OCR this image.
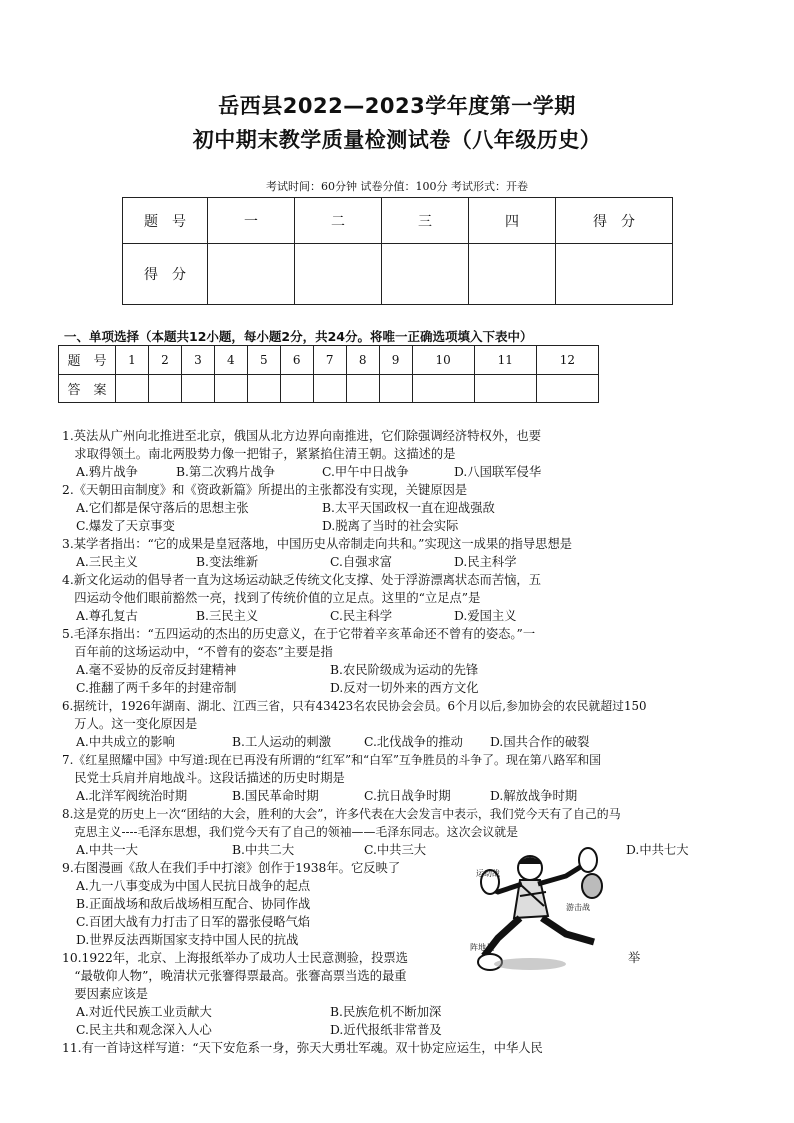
岳西县2022—2023学年度第一学期
初中期末教学质量检测试卷（八年级历史）
考试时间：60分钟 试卷分值：100分 考试形式：开卷
题　号	一	二	三	四	得　分
得　分					
一、单项选择（本题共12小题，每小题2分，共24分。将唯一正确选项填入下表中）
题　号	1	2	3	4	5	6	7	8	9	10	11	12
答　案												
1.英法从广州向北推进至北京，俄国从北方边界向南推进，它们除强调经济特权外，也要
　求取得领土。南北两股势力像一把钳子，紧紧掐住清王朝。这描述的是
A.鸦片战争	B.第二次鸦片战争	C.甲午中日战争	D.八国联军侵华
2.《天朝田亩制度》和《资政新篇》所提出的主张都没有实现，关键原因是
A.它们都是保守落后的思想主张	B.太平天国政权一直在迎战强敌
C.爆发了天京事变	D.脱离了当时的社会实际
3.某学者指出：“它的成果是皇冠落地，中国历史从帝制走向共和。”实现这一成果的指导思想是
A.三民主义	B.变法维新	C.自强求富	D.民主科学
4.新文化运动的倡导者一直为这场运动缺乏传统文化支撑、处于浮游漂离状态而苦恼，五
　四运动令他们眼前豁然一亮，找到了传统价值的立足点。这里的“立足点”是
A.尊孔复古	B.三民主义	C.民主科学	D.爱国主义
5.毛泽东指出：“五四运动的杰出的历史意义，在于它带着辛亥革命还不曾有的姿态。”一
　百年前的这场运动中，“不曾有的姿态”主要是指
A.毫不妥协的反帝反封建精神	B.农民阶级成为运动的先锋
C.推翻了两千多年的封建帝制	D.反对一切外来的西方文化
6.据统计，1926年湖南、湖北、江西三省，只有43423名农民协会会员。6个月以后,参加协会的农民就超过150
　万人。这一变化原因是
A.中共成立的影响	B.工人运动的刺激	C.北伐战争的推动 D.国共合作的破裂
7.《红星照耀中国》中写道:现在已再没有所谓的“红军”和“白军”互争胜员的斗争了。现在第八路军和国
　民党士兵肩并肩地战斗。这段话描述的历史时期是
A.北洋军阀统治时期	B.国民革命时期	C.抗日战争时期	D.解放战争时期
8.这是党的历史上一次“团结的大会，胜利的大会”，许多代表在大会发言中表示，我们党今天有了自己的马
　克思主义----毛泽东思想，我们党今天有了自己的领袖——毛泽东同志。这次会议就是
A.中共一大	B.中共二大	C.中共三大	D.中共七大
9.右图漫画《敌人在我们手中打滚》创作于1938年。它反映了
A.九一八事变成为中国人民抗日战争的起点
B.正面战场和敌后战场相互配合、协同作战
C.百团大战有力打击了日军的嚣张侵略气焰
D.世界反法西斯国家支持中国人民的抗战
10.1922年，北京、上海报纸举办了成功人士民意测验，投票选	举
　“最敬仰人物”，晚清状元张謇得票最高。张謇高票当选的最重
　要因素应该是
A.对近代民族工业贡献大	B.民族危机不断加深
C.民主共和观念深入人心	D.近代报纸非常普及
11.有一首诗这样写道：“天下安危系一身，弥天大勇壮军魂。双十协定应运生，中华人民
运动战
游击战
阵地战
